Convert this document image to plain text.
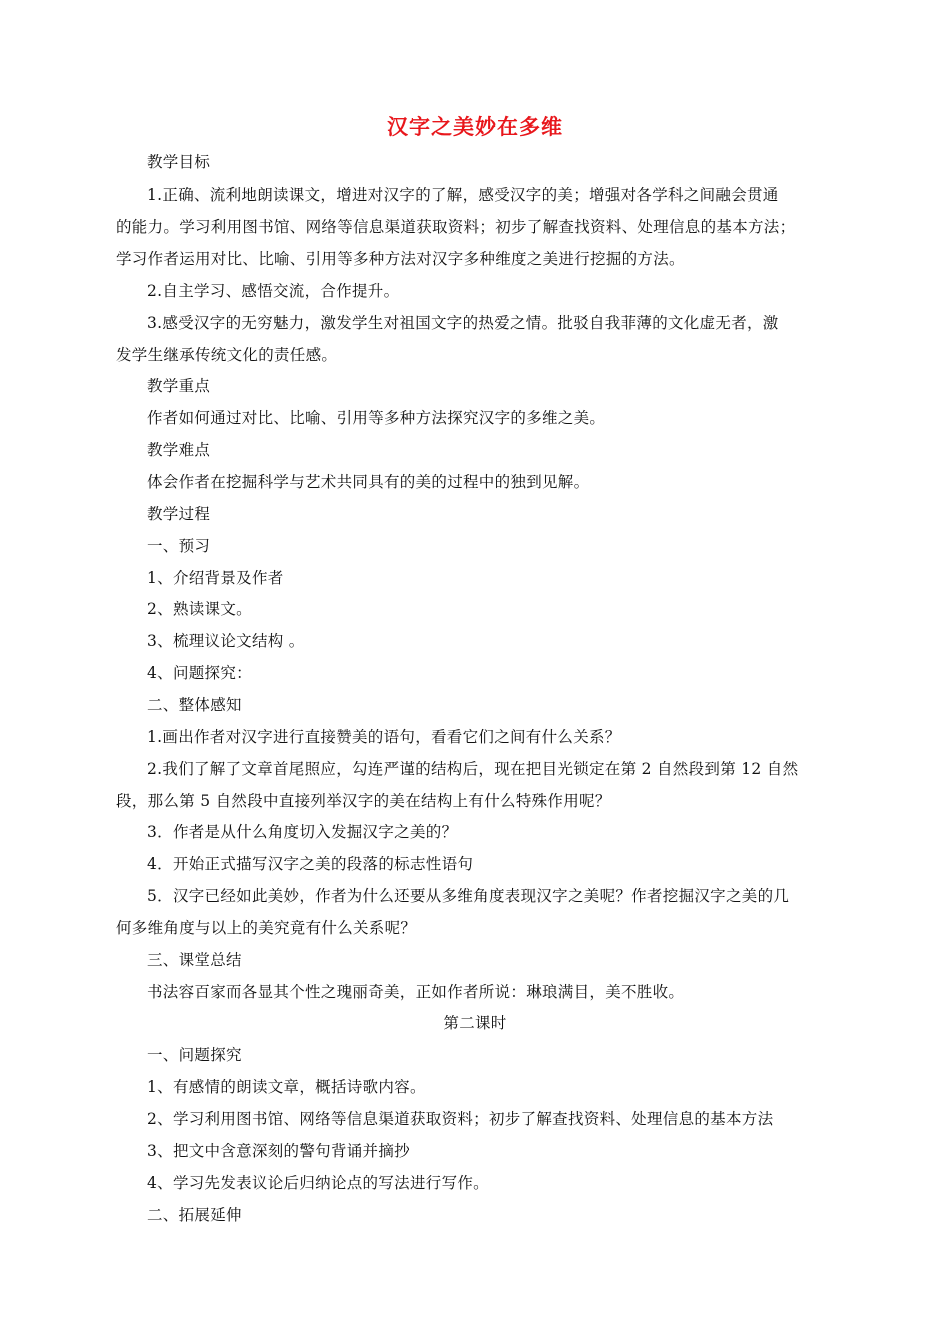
汉字之美妙在多维
教学目标
1.正确、流利地朗读课文，增进对汉字的了解，感受汉字的美；增强对各学科之间融会贯通
的能力。学习利用图书馆、网络等信息渠道获取资料；初步了解查找资料、处理信息的基本方法；
学习作者运用对比、比喻、引用等多种方法对汉字多种维度之美进行挖掘的方法。
2.自主学习、感悟交流，合作提升。
3.感受汉字的无穷魅力，激发学生对祖国文字的热爱之情。批驳自我菲薄的文化虚无者，激
发学生继承传统文化的责任感。
教学重点
作者如何通过对比、比喻、引用等多种方法探究汉字的多维之美。
教学难点
体会作者在挖掘科学与艺术共同具有的美的过程中的独到见解。
教学过程
一、预习
1、介绍背景及作者
2、熟读课文。
3、梳理议论文结构 。
4、问题探究：
二、整体感知
1.画出作者对汉字进行直接赞美的语句，看看它们之间有什么关系？
2.我们了解了文章首尾照应，勾连严谨的结构后，现在把目光锁定在第 2 自然段到第 12 自然
段，那么第 5 自然段中直接列举汉字的美在结构上有什么特殊作用呢？
3．作者是从什么角度切入发掘汉字之美的？
4．开始正式描写汉字之美的段落的标志性语句
5．汉字已经如此美妙，作者为什么还要从多维角度表现汉字之美呢？作者挖掘汉字之美的几
何多维角度与以上的美究竟有什么关系呢？
三、课堂总结
书法容百家而各显其个性之瑰丽奇美，正如作者所说：琳琅满目，美不胜收。
第二课时
一、问题探究
1、有感情的朗读文章，概括诗歌内容。
2、学习利用图书馆、网络等信息渠道获取资料；初步了解查找资料、处理信息的基本方法
3、把文中含意深刻的警句背诵并摘抄
4、学习先发表议论后归纳论点的写法进行写作。
二、拓展延伸
